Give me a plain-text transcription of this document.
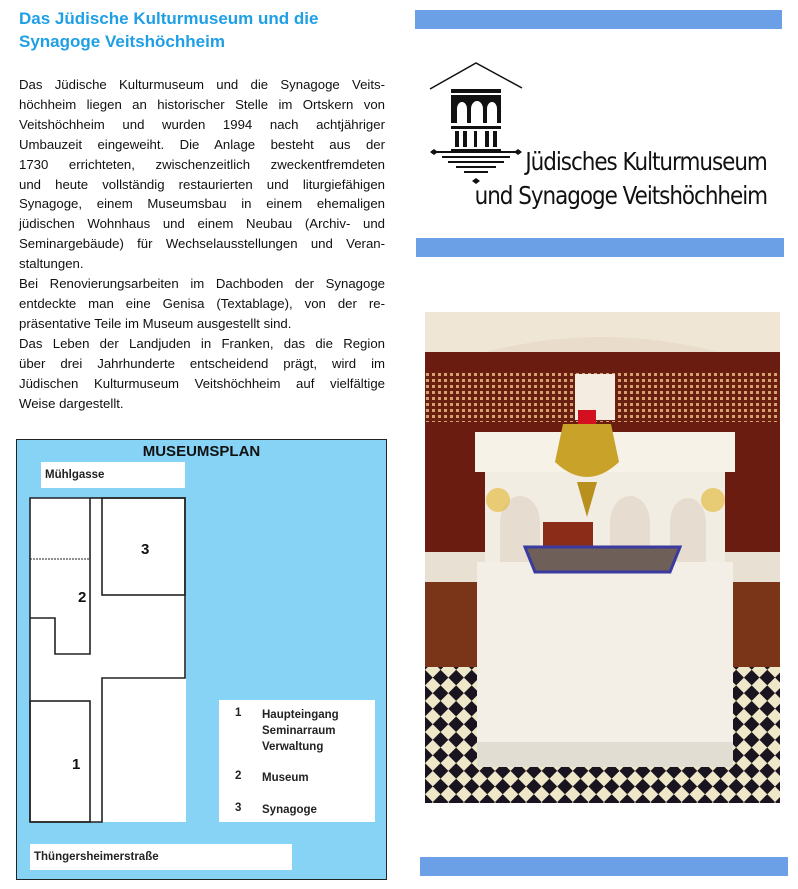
Das Jüdische Kulturmuseum und die
Synagoge Veitshöchheim
Das Jüdische Kulturmuseum und die Synagoge Veits-
höchheim liegen an historischer Stelle im Ortskern von
Veitshöchheim und wurden 1994 nach achtjähriger
Umbauzeit eingeweiht. Die Anlage besteht aus der
1730 errichteten, zwischenzeitlich zweckentfremdeten
und heute vollständig restaurierten und liturgiefähigen
Synagoge, einem Museumsbau in einem ehemaligen
jüdischen Wohnhaus und einem Neubau (Archiv- und
Seminargebäude) für Wechselausstellungen und Veran-
staltungen.
Bei Renovierungsarbeiten im Dachboden der Synagoge
entdeckte man eine Genisa (Textablage), von der re-
präsentative Teile im Museum ausgestellt sind.
Das Leben der Landjuden in Franken, das die Region
über drei Jahrhunderte entscheidend prägt, wird im
Jüdischen Kulturmuseum Veitshöchheim auf vielfältige
Weise dargestellt.
MUSEUMSPLAN
Mühlgasse
3
2
1
1 Haupteingang
Seminarraum
Verwaltung
2 Museum
3 Synagoge
Thüngersheimerstraße
Jüdisches Kulturmuseum
und Synagoge Veitshöchheim
